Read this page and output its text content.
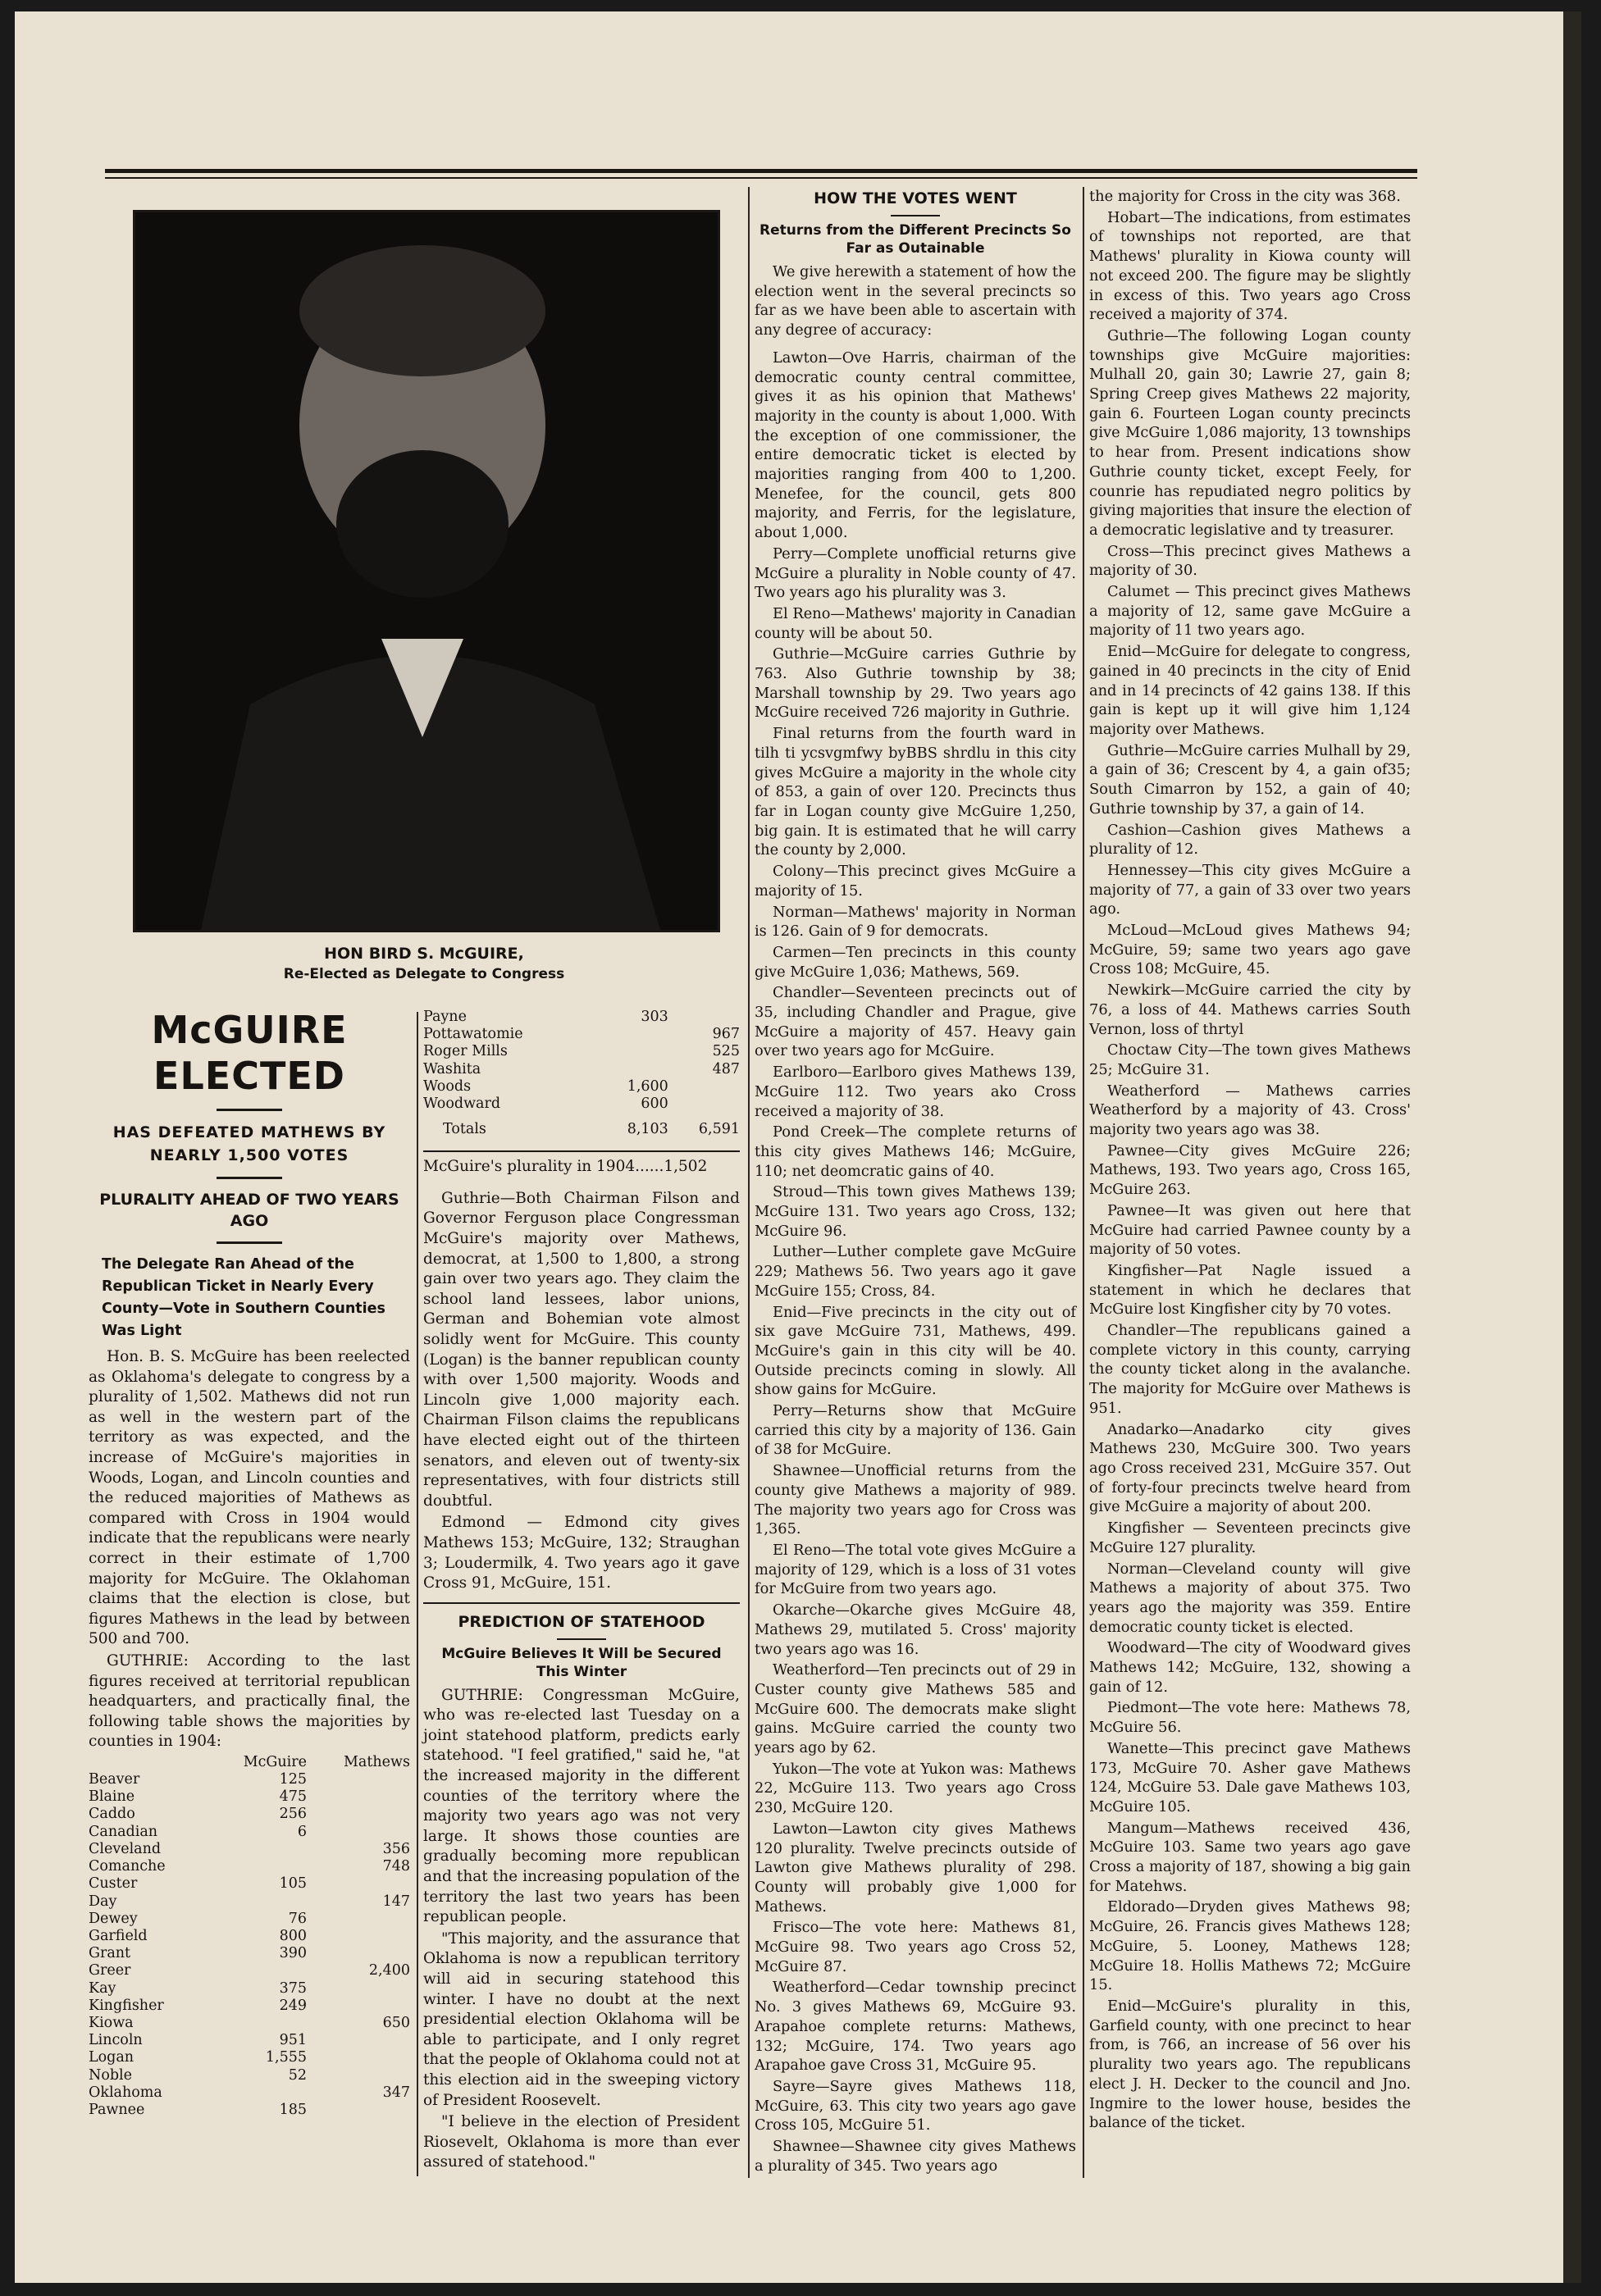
HON BIRD S. McGUIRE,
Re-Elected as Delegate to Congress
McGUIRE ELECTED
HAS DEFEATED MATHEWS BY NEARLY 1,500 VOTES
PLURALITY AHEAD OF TWO YEARS AGO
The Delegate Ran Ahead of the Republican Ticket in Nearly Every County—Vote in Southern Counties Was Light

Hon. B. S. McGuire has been reelected as Oklahoma's delegate to congress by a plurality of 1,502. Mathews did not run as well in the western part of the territory as was expected, and the increase of McGuire's majorities in Woods, Logan, and Lincoln counties and the reduced majorities of Mathews as compared with Cross in 1904 would indicate that the republicans were nearly correct in their estimate of 1,700 majority for McGuire. The Oklahoman claims that the election is close, but figures Mathews in the lead by between 500 and 700.

GUTHRIE: According to the last figures received at territorial republican headquarters, and practically final, the following table shows the majorities by counties in 1904:

	McGuire	Mathews
Beaver	125	
Blaine	475	
Caddo	256	
Canadian	6	
Cleveland		356
Comanche		748
Custer	105	
Day		147
Dewey	76	
Garfield	800	
Grant	390	
Greer		2,400
Kay	375	
Kingfisher	249	
Kiowa		650
Lincoln	951	
Logan	1,555	
Noble	52	
Oklahoma		347
Pawnee	185	
Payne	303	
Pottawatomie		967
Roger Mills		525
Washita		487
Woods	1,600	
Woodward	600	
Totals	8,103	6,591

McGuire's plurality in 1904......1,502

Guthrie—Both Chairman Filson and Governor Ferguson place Congressman McGuire's majority over Mathews, democrat, at 1,500 to 1,800, a strong gain over two years ago. They claim the school land lessees, labor unions, German and Bohemian vote almost solidly went for McGuire. This county (Logan) is the banner republican county with over 1,500 majority. Woods and Lincoln give 1,000 majority each. Chairman Filson claims the republicans have elected eight out of the thirteen senators, and eleven out of twenty-six representatives, with four districts still doubtful.

Edmond — Edmond city gives Mathews 153; McGuire, 132; Straughan 3; Loudermilk, 4. Two years ago it gave Cross 91, McGuire, 151.

PREDICTION OF STATEHOOD
McGuire Believes It Will be Secured This Winter

GUTHRIE: Congressman McGuire, who was re-elected last Tuesday on a joint statehood platform, predicts early statehood. "I feel gratified," said he, "at the increased majority in the different counties of the territory where the majority two years ago was not very large. It shows those counties are gradually becoming more republican and that the increasing population of the territory the last two years has been republican people.

"This majority, and the assurance that Oklahoma is now a republican territory will aid in securing statehood this winter. I have no doubt at the next presidential election Oklahoma will be able to participate, and I only regret that the people of Oklahoma could not at this election aid in the sweeping victory of President Roosevelt.

"I believe in the election of President Riosevelt, Oklahoma is more than ever assured of statehood."

HOW THE VOTES WENT
Returns from the Different Precincts So Far as Outainable

We give herewith a statement of how the election went in the several precincts so far as we have been able to ascertain with any degree of accuracy:

Lawton—Ove Harris, chairman of the democratic county central committee, gives it as his opinion that Mathews' majority in the county is about 1,000. With the exception of one commissioner, the entire democratic ticket is elected by majorities ranging from 400 to 1,200. Menefee, for the council, gets 800 majority, and Ferris, for the legislature, about 1,000.

Perry—Complete unofficial returns give McGuire a plurality in Noble county of 47. Two years ago his plurality was 3.

El Reno—Mathews' majority in Canadian county will be about 50.

Guthrie—McGuire carries Guthrie by 763. Also Guthrie township by 38; Marshall township by 29. Two years ago McGuire received 726 majority in Guthrie.

Final returns from the fourth ward in tilh ti ycsvgmfwy byBBS shrdlu in this city gives McGuire a majority in the whole city of 853, a gain of over 120. Precincts thus far in Logan county give McGuire 1,250, big gain. It is estimated that he will carry the county by 2,000.

Colony—This precinct gives McGuire a majority of 15.

Norman—Mathews' majority in Norman is 126. Gain of 9 for democrats.

Carmen—Ten precincts in this county give McGuire 1,036; Mathews, 569.

Chandler—Seventeen precincts out of 35, including Chandler and Prague, give McGuire a majority of 457. Heavy gain over two years ago for McGuire.

Earlboro—Earlboro gives Mathews 139, McGuire 112. Two years ako Cross received a majority of 38.

Pond Creek—The complete returns of this city gives Mathews 146; McGuire, 110; net deomcratic gains of 40.

Stroud—This town gives Mathews 139; McGuire 131. Two years ago Cross, 132; McGuire 96.

Luther—Luther complete gave McGuire 229; Mathews 56. Two years ago it gave McGuire 155; Cross, 84.

Enid—Five precincts in the city out of six gave McGuire 731, Mathews, 499. McGuire's gain in this city will be 40. Outside precincts coming in slowly. All show gains for McGuire.

Perry—Returns show that McGuire carried this city by a majority of 136. Gain of 38 for McGuire.

Shawnee—Unofficial returns from the county give Mathews a majority of 989. The majority two years ago for Cross was 1,365.

El Reno—The total vote gives McGuire a majority of 129, which is a loss of 31 votes for McGuire from two years ago.

Okarche—Okarche gives McGuire 48, Mathews 29, mutilated 5. Cross' majority two years ago was 16.

Weatherford—Ten precincts out of 29 in Custer county give Mathews 585 and McGuire 600. The democrats make slight gains. McGuire carried the county two years ago by 62.

Yukon—The vote at Yukon was: Mathews 22, McGuire 113. Two years ago Cross 230, McGuire 120.

Lawton—Lawton city gives Mathews 120 plurality. Twelve precincts outside of Lawton give Mathews plurality of 298. County will probably give 1,000 for Mathews.

Frisco—The vote here: Mathews 81, McGuire 98. Two years ago Cross 52, McGuire 87.

Weatherford—Cedar township precinct No. 3 gives Mathews 69, McGuire 93. Arapahoe complete returns: Mathews, 132; McGuire, 174. Two years ago Arapahoe gave Cross 31, McGuire 95.

Sayre—Sayre gives Mathews 118, McGuire, 63. This city two years ago gave Cross 105, McGuire 51.

Shawnee—Shawnee city gives Mathews a plurality of 345. Two years ago

the majority for Cross in the city was 368.

Hobart—The indications, from estimates of townships not reported, are that Mathews' plurality in Kiowa county will not exceed 200. The figure may be slightly in excess of this. Two years ago Cross received a majority of 374.

Guthrie—The following Logan county townships give McGuire majorities: Mulhall 20, gain 30; Lawrie 27, gain 8; Spring Creep gives Mathews 22 majority, gain 6. Fourteen Logan county precincts give McGuire 1,086 majority, 13 townships to hear from. Present indications show Guthrie county ticket, except Feely, for counrie has repudiated negro politics by giving majorities that insure the election of a democratic legislative and ty treasurer.

Cross—This precinct gives Mathews a majority of 30.

Calumet — This precinct gives Mathews a majority of 12, same gave McGuire a majority of 11 two years ago.

Enid—McGuire for delegate to congress, gained in 40 precincts in the city of Enid and in 14 precincts of 42 gains 138. If this gain is kept up it will give him 1,124 majority over Mathews.

Guthrie—McGuire carries Mulhall by 29, a gain of 36; Crescent by 4, a gain of35; South Cimarron by 152, a gain of 40; Guthrie township by 37, a gain of 14.

Cashion—Cashion gives Mathews a plurality of 12.

Hennessey—This city gives McGuire a majority of 77, a gain of 33 over two years ago.

McLoud—McLoud gives Mathews 94; McGuire, 59; same two years ago gave Cross 108; McGuire, 45.

Newkirk—McGuire carried the city by 76, a loss of 44. Mathews carries South Vernon, loss of thrtyl

Choctaw City—The town gives Mathews 25; McGuire 31.

Weatherford — Mathews carries Weatherford by a majority of 43. Cross' majority two years ago was 38.

Pawnee—City gives McGuire 226; Mathews, 193. Two years ago, Cross 165, McGuire 263.

Pawnee—It was given out here that McGuire had carried Pawnee county by a majority of 50 votes.

Kingfisher—Pat Nagle issued a statement in which he declares that McGuire lost Kingfisher city by 70 votes.

Chandler—The republicans gained a complete victory in this county, carrying the county ticket along in the avalanche. The majority for McGuire over Mathews is 951.

Anadarko—Anadarko city gives Mathews 230, McGuire 300. Two years ago Cross received 231, McGuire 357. Out of forty-four precincts twelve heard from give McGuire a majority of about 200.

Kingfisher — Seventeen precincts give McGuire 127 plurality.

Norman—Cleveland county will give Mathews a majority of about 375. Two years ago the majority was 359. Entire democratic county ticket is elected.

Woodward—The city of Woodward gives Mathews 142; McGuire, 132, showing a gain of 12.

Piedmont—The vote here: Mathews 78, McGuire 56.

Wanette—This precinct gave Mathews 173, McGuire 70. Asher gave Mathews 124, McGuire 53. Dale gave Mathews 103, McGuire 105.

Mangum—Mathews received 436, McGuire 103. Same two years ago gave Cross a majority of 187, showing a big gain for Matehws.

Eldorado—Dryden gives Mathews 98; McGuire, 26. Francis gives Mathews 128; McGuire, 5. Looney, Mathews 128; McGuire 18. Hollis Mathews 72; McGuire 15.

Enid—McGuire's plurality in this, Garfield county, with one precinct to hear from, is 766, an increase of 56 over his plurality two years ago. The republicans elect J. H. Decker to the council and Jno. Ingmire to the lower house, besides the balance of the ticket.
